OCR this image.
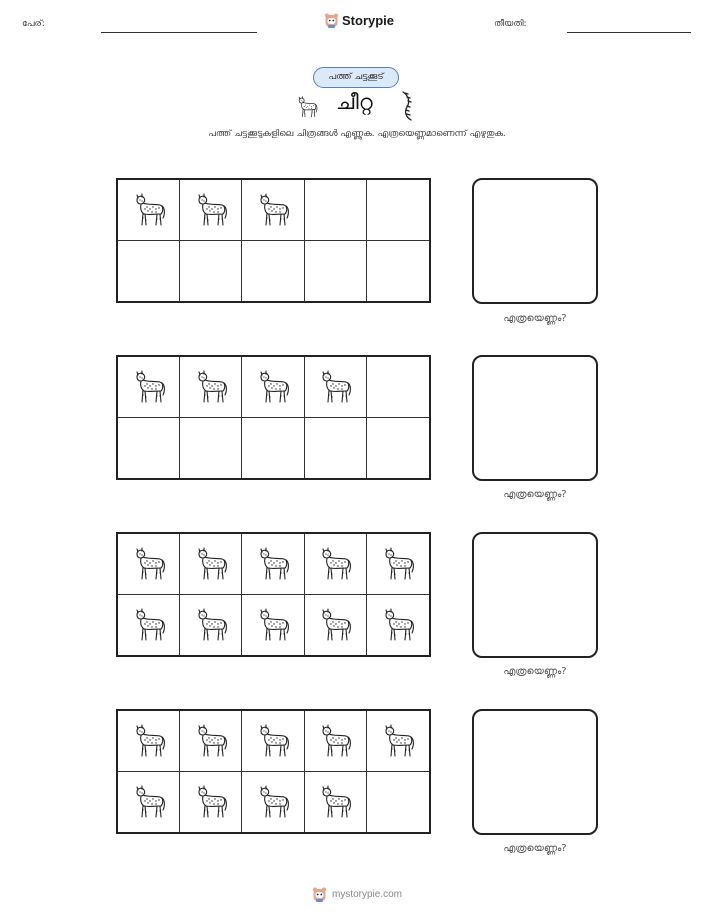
പേര്:	Storypie	തീയതി:
പത്ത് ചട്ടക്കൂട്
ചീറ്റ
പത്ത് ചട്ടക്കൂടുകളിലെ ചിത്രങ്ങൾ എണ്ണുക. എത്രയെണ്ണമാണെന്ന് എഴുതുക.
എത്രയെണ്ണം?
എത്രയെണ്ണം?
എത്രയെണ്ണം?
എത്രയെണ്ണം?
mystorypie.com
